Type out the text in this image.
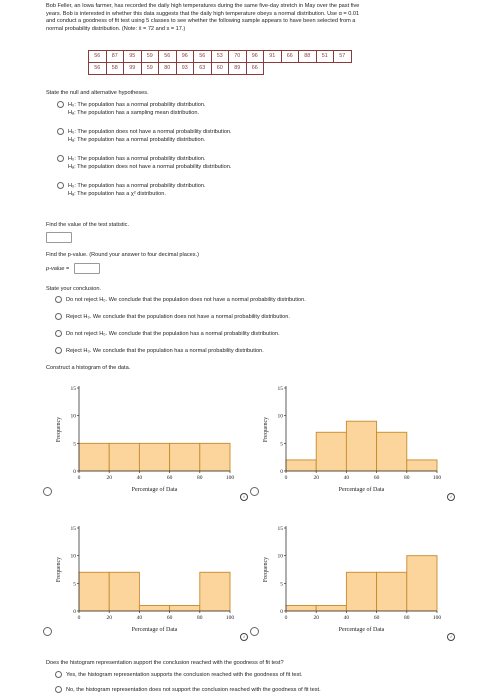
Bob Feller, an Iowa farmer, has recorded the daily high temperatures during the same five-day stretch in May over the past five
years. Bob is interested in whether this data suggests that the daily high temperature obeys a normal distribution. Use α = 0.01
and conduct a goodness of fit test using 5 classes to see whether the following sample appears to have been selected from a
normal probability distribution. (Note: x̄ = 72 and s = 17.)
56	87	95	59	56	96	56	53	70	96	91	66	88	51	57
56	58	99	59	80	93	63	60	89	66					
State the null and alternative hypotheses.
H₀: The population has a normal probability distribution.
Hₐ: The population has a sampling mean distribution.
H₀: The population does not have a normal probability distribution.
Hₐ: The population has a normal probability distribution.
H₀: The population has a normal probability distribution.
Hₐ: The population does not have a normal probability distribution.
H₀: The population has a normal probability distribution.
Hₐ: The population has a χ² distribution.
Find the value of the test statistic.
Find the p-value. (Round your answer to four decimal places.)
p-value =
State your conclusion.
Do not reject H₀. We conclude that the population does not have a normal probability distribution.
Reject H₀. We conclude that the population does not have a normal probability distribution.
Do not reject H₀. We conclude that the population has a normal probability distribution.
Reject H₀. We conclude that the population has a normal probability distribution.
Construct a histogram of the data.
i	i
i	i
0
5
10
15
0	20	40	60	80	100
Percentage of Data
Frequency
0
5
10
15
0	20	40	60	80	100
Percentage of Data
Frequency
0
5
10
15
0	20	40	60	80	100
Percentage of Data
Frequency
0
5
10
15
0	20	40	60	80	100
Percentage of Data
Frequency
Does the histogram representation support the conclusion reached with the goodness of fit test?
Yes, the histogram representation supports the conclusion reached with the goodness of fit test.
No, the histogram representation does not support the conclusion reached with the goodness of fit test.
